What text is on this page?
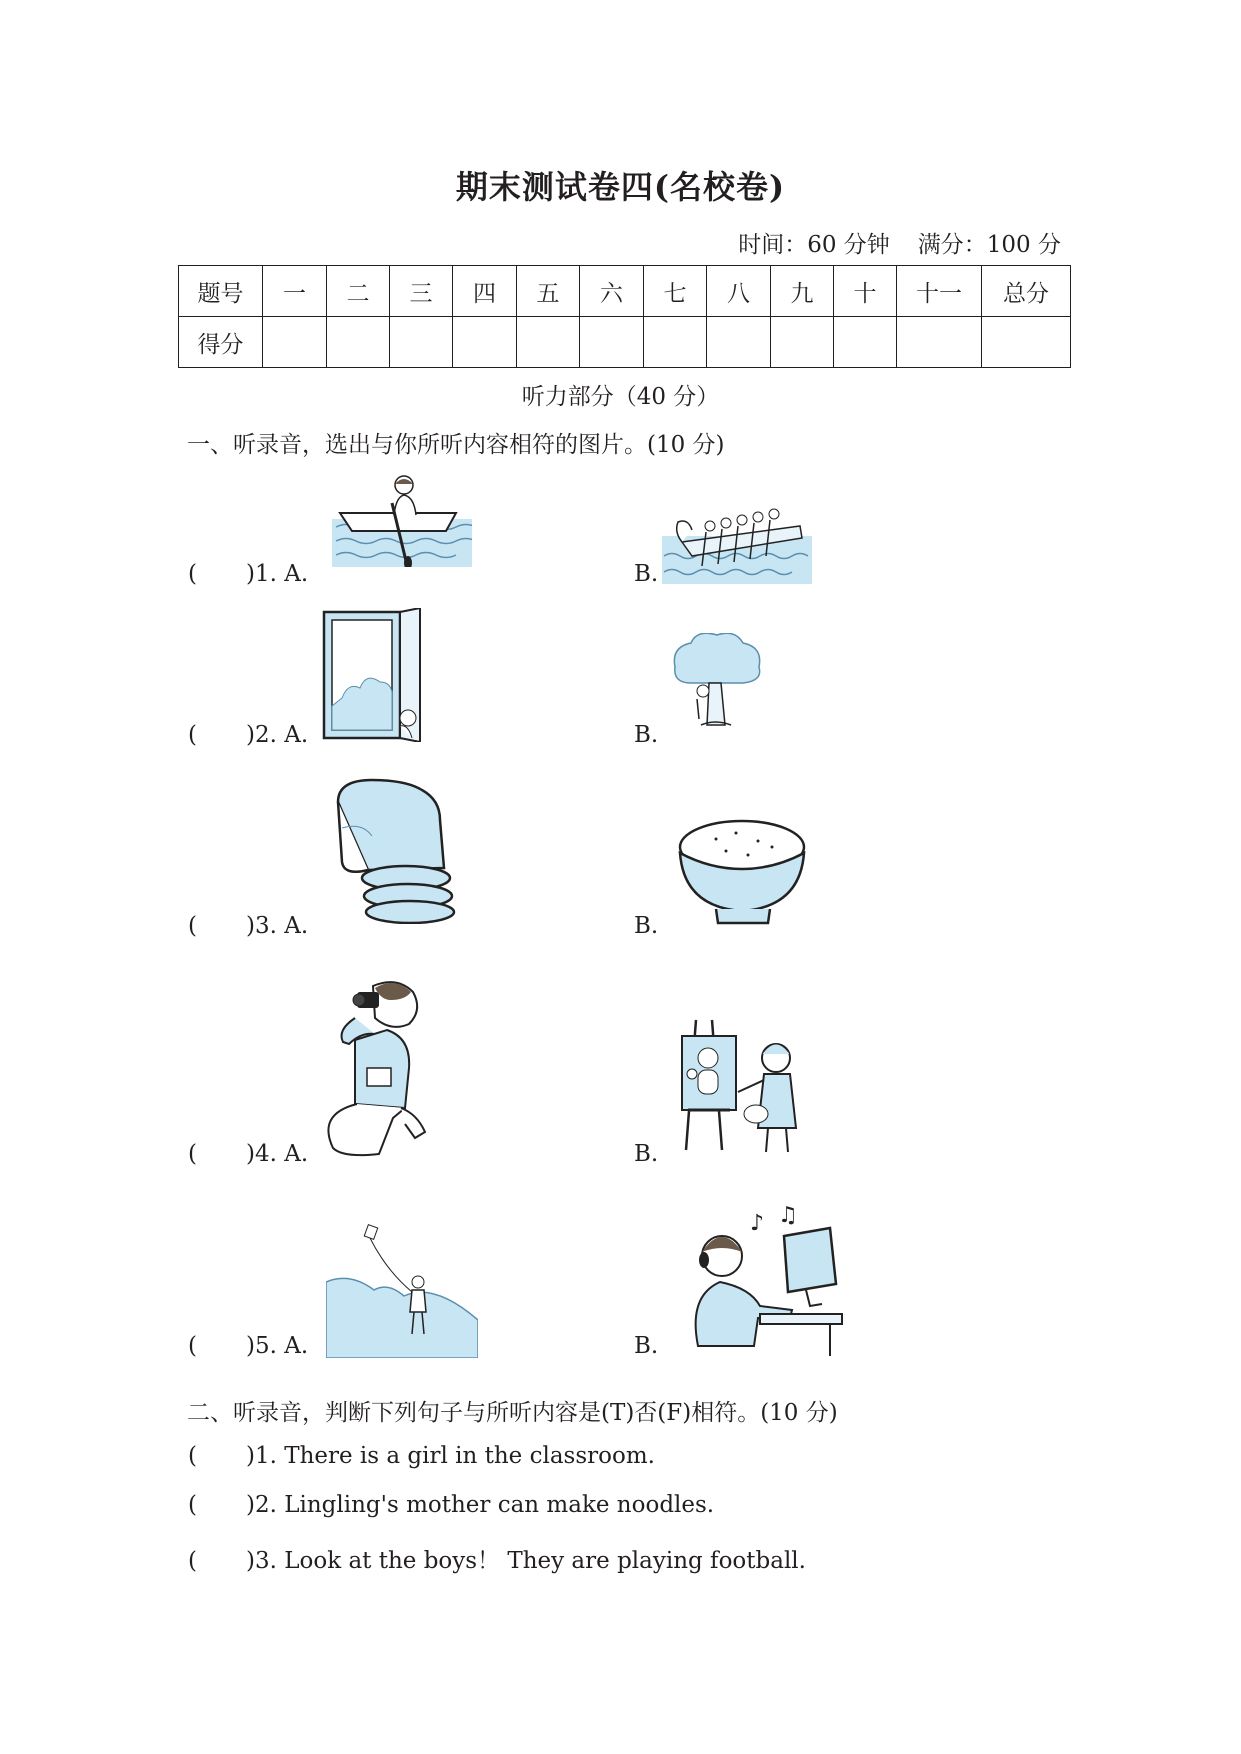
期末测试卷四(名校卷)
时间：60 分钟 满分：100 分
题号	一	二	三	四	五	六	七	八	九	十	十一	总分
得分												
听力部分（40 分）
一、听录音，选出与你所听内容相符的图片。(10 分)
( )1. A.	B.
( )2. A.	B.
( )3. A.	B.
( )4. A.	B.
( )5. A.	B.
♪ ♫
二、听录音，判断下列句子与所听内容是(T)否(F)相符。(10 分)
( )1. There is a girl in the classroom.
( )2. Lingling's mother can make noodles.
( )3. Look at the boys！ They are playing football.
